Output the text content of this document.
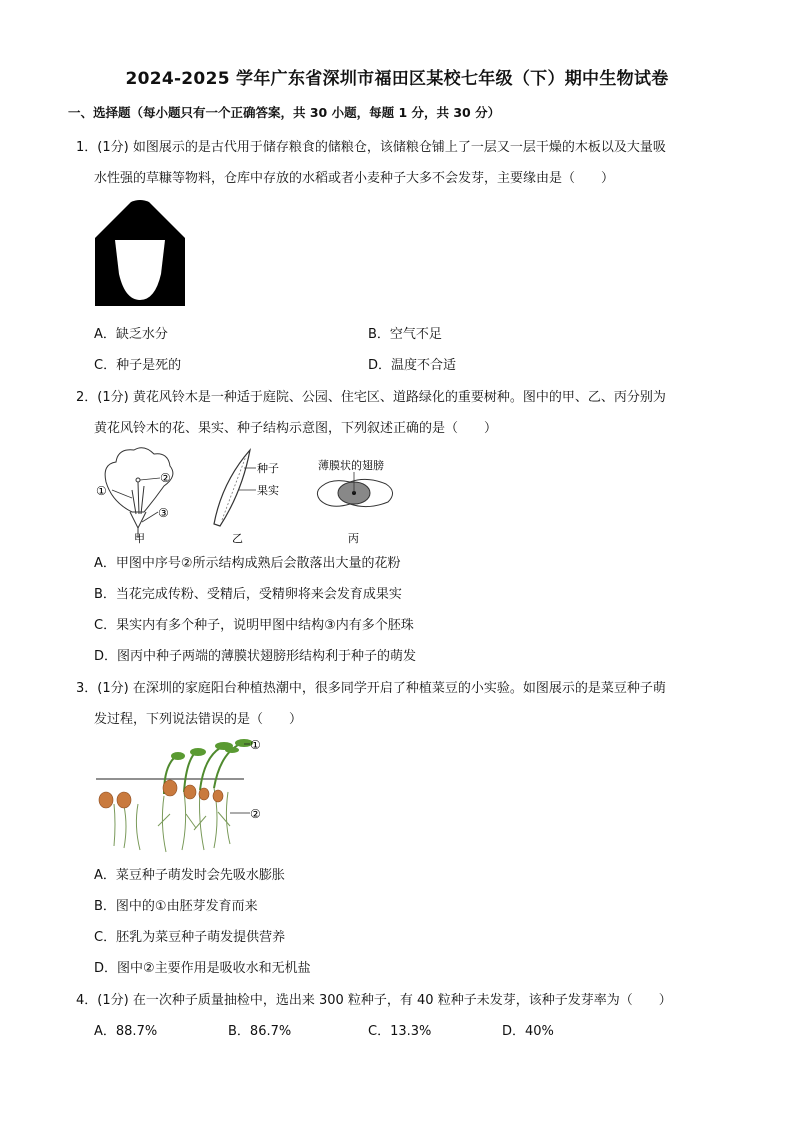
2024-2025 学年广东省深圳市福田区某校七年级（下）期中生物试卷
一、选择题（每小题只有一个正确答案，共 30 小题，每题 1 分，共 30 分）
1．(1分) 如图展示的是古代用于储存粮食的储粮仓，该储粮仓铺上了一层又一层干燥的木板以及大量吸
水性强的草糠等物料，仓库中存放的水稻或者小麦种子大多不会发芽，主要缘由是（　　）
A．缺乏水分	B．空气不足
C．种子是死的	D．温度不合适
2．(1分) 黄花风铃木是一种适于庭院、公园、住宅区、道路绿化的重要树种。图中的甲、乙、丙分别为
黄花风铃木的花、果实、种子结构示意图，下列叙述正确的是（　　）
①
②
③
甲
种子
果实
乙
薄膜状的翅膀
丙
A．甲图中序号②所示结构成熟后会散落出大量的花粉
B．当花完成传粉、受精后，受精卵将来会发育成果实
C．果实内有多个种子，说明甲图中结构③内有多个胚珠
D．图丙中种子两端的薄膜状翅膀形结构利于种子的萌发
3．(1分) 在深圳的家庭阳台种植热潮中，很多同学开启了种植菜豆的小实验。如图展示的是菜豆种子萌
发过程，下列说法错误的是（　　）
①
②
A．菜豆种子萌发时会先吸水膨胀
B．图中的①由胚芽发育而来
C．胚乳为菜豆种子萌发提供营养
D．图中②主要作用是吸收水和无机盐
4．(1分) 在一次种子质量抽检中，选出来 300 粒种子，有 40 粒种子未发芽，该种子发芽率为（　　）
A．88.7%	B．86.7%	C．13.3%	D．40%
